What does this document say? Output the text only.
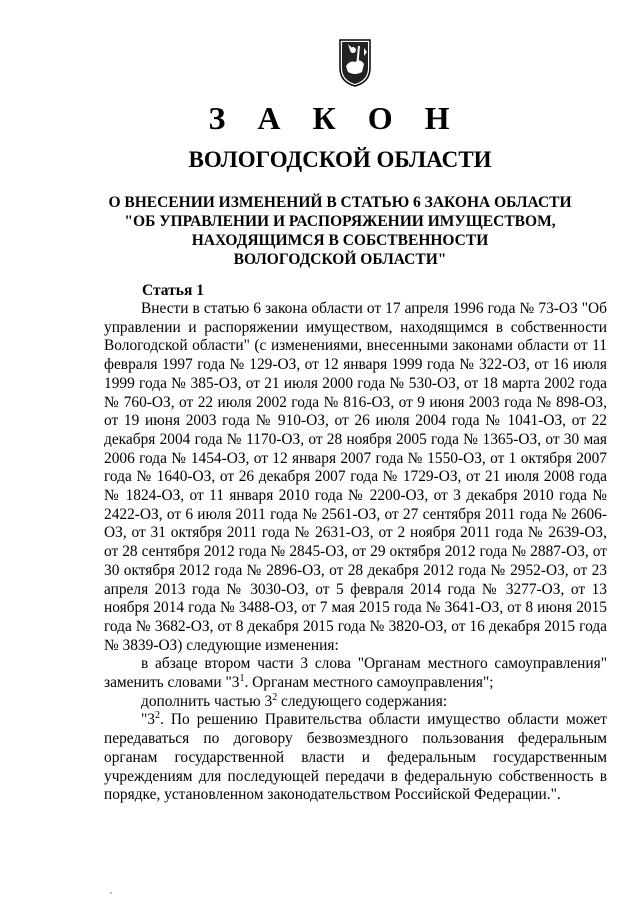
З А К О Н
ВОЛОГОДСКОЙ ОБЛАСТИ
О ВНЕСЕНИИ ИЗМЕНЕНИЙ В СТАТЬЮ 6 ЗАКОНА ОБЛАСТИ
"ОБ УПРАВЛЕНИИ И РАСПОРЯЖЕНИИ ИМУЩЕСТВОМ,
НАХОДЯЩИМСЯ В СОБСТВЕННОСТИ
ВОЛОГОДСКОЙ ОБЛАСТИ"
Статья 1

Внести в статью 6 закона области от 17 апреля 1996 года № 73-ОЗ "Об управлении и распоряжении имуществом, находящимся в собственности Вологодской области" (с изменениями, внесенными законами области от 11 февраля 1997 года № 129-ОЗ, от 12 января 1999 года № 322-ОЗ, от 16 июля 1999 года № 385-ОЗ, от 21 июля 2000 года № 530-ОЗ, от 18 марта 2002 года № 760-ОЗ, от 22 июля 2002 года № 816-ОЗ, от 9 июня 2003 года № 898-ОЗ, от 19 июня 2003 года № 910-ОЗ, от 26 июля 2004 года № 1041-ОЗ, от 22 декабря 2004 года № 1170-ОЗ, от 28 ноября 2005 года № 1365-ОЗ, от 30 мая 2006 года № 1454-ОЗ, от 12 января 2007 года № 1550-ОЗ, от 1 октября 2007 года № 1640-ОЗ, от 26 декабря 2007 года № 1729-ОЗ, от 21 июля 2008 года № 1824-ОЗ, от 11 января 2010 года № 2200-ОЗ, от 3 декабря 2010 года № 2422-ОЗ, от 6 июля 2011 года № 2561-ОЗ, от 27 сентября 2011 года № 2606-ОЗ, от 31 октября 2011 года № 2631-ОЗ, от 2 ноября 2011 года № 2639-ОЗ, от 28 сентября 2012 года № 2845-ОЗ, от 29 октября 2012 года № 2887-ОЗ, от 30 октября 2012 года № 2896-ОЗ, от 28 декабря 2012 года № 2952-ОЗ, от 23 апреля 2013 года № 3030-ОЗ, от 5 февраля 2014 года № 3277-ОЗ, от 13 ноября 2014 года № 3488-ОЗ, от 7 мая 2015 года № 3641-ОЗ, от 8 июня 2015 года № 3682-ОЗ, от 8 декабря 2015 года № 3820-ОЗ, от 16 декабря 2015 года № 3839-ОЗ) следующие изменения:

в абзаце втором части 3 слова "Органам местного самоуправления" заменить словами "$3^1$. Органам местного самоуправления";

дополнить частью $3^2$ следующего содержания:

"$3^2$. По решению Правительства области имущество области может передаваться по договору безвозмездного пользования федеральным органам государственной власти и федеральным государственным учреждениям для последующей передачи в федеральную собственность в порядке, установленном законодательством Российской Федерации.".
